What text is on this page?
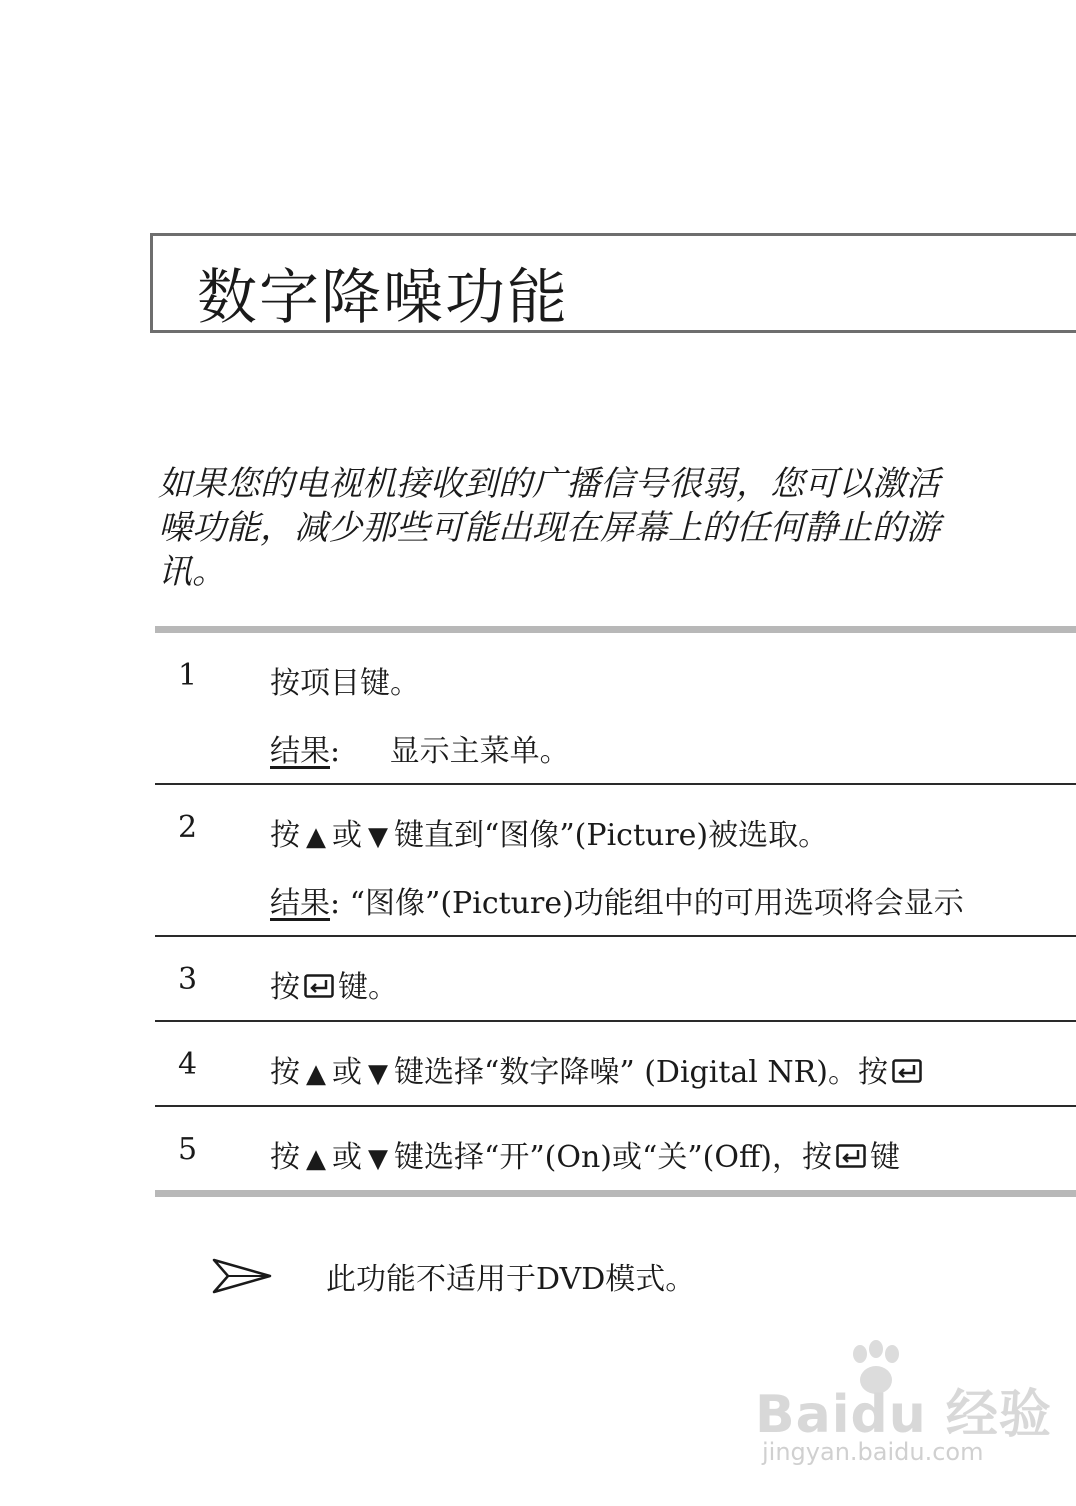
数字降噪功能
如果您的电视机接收到的广播信号很弱，您可以激活
噪功能，减少那些可能出现在屏幕上的任何静止的游
讯。
1 按项目键。
结果: 显示主菜单。
2 按 ▲ 或 ▼ 键直到“图像”(Picture)被选取。
结果: “图像”(Picture)功能组中的可用选项将会显示
3 按 键。
4 按 ▲ 或 ▼ 键选择“数字降噪” (Digital NR)。按
5 按 ▲ 或 ▼ 键选择“开”(On)或“关”(Off)，按 键
此功能不适用于DVD模式。
Baidu 经验
jingyan.baidu.com
